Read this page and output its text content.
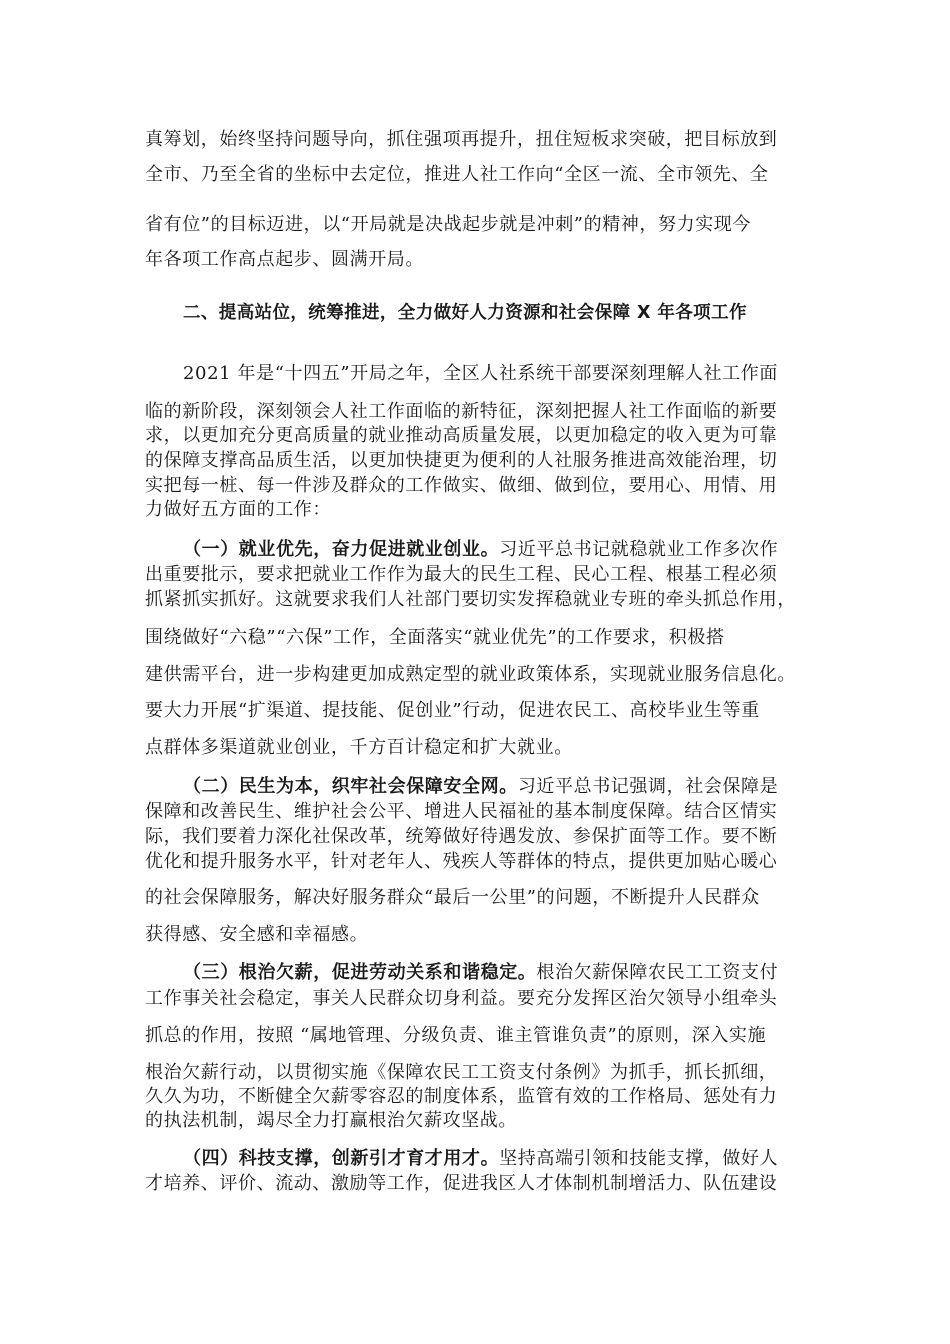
真筹划，始终坚持问题导向，抓住强项再提升，扭住短板求突破，把目标放到
全市、乃至全省的坐标中去定位，推进人社工作向“全区一流、全市领先、全
省有位”的目标迈进，以“开局就是决战起步就是冲刺”的精神，努力实现今
年各项工作高点起步、圆满开局。
二、提高站位，统筹推进，全力做好人力资源和社会保障 X 年各项工作
2021 年是“十四五”开局之年，全区人社系统干部要深刻理解人社工作面
临的新阶段，深刻领会人社工作面临的新特征，深刻把握人社工作面临的新要
求，以更加充分更高质量的就业推动高质量发展，以更加稳定的收入更为可靠
的保障支撑高品质生活，以更加快捷更为便利的人社服务推进高效能治理，切
实把每一桩、每一件涉及群众的工作做实、做细、做到位，要用心、用情、用
力做好五方面的工作：
（一）就业优先，奋力促进就业创业。习近平总书记就稳就业工作多次作
出重要批示，要求把就业工作作为最大的民生工程、民心工程、根基工程必须
抓紧抓实抓好。这就要求我们人社部门要切实发挥稳就业专班的牵头抓总作用，
围绕做好“六稳”“六保”工作，全面落实“就业优先”的工作要求，积极搭
建供需平台，进一步构建更加成熟定型的就业政策体系，实现就业服务信息化。
要大力开展“扩渠道、提技能、促创业”行动，促进农民工、高校毕业生等重
点群体多渠道就业创业，千方百计稳定和扩大就业。
（二）民生为本，织牢社会保障安全网。习近平总书记强调，社会保障是
保障和改善民生、维护社会公平、增进人民福祉的基本制度保障。结合区情实
际，我们要着力深化社保改革，统筹做好待遇发放、参保扩面等工作。要不断
优化和提升服务水平，针对老年人、残疾人等群体的特点，提供更加贴心暖心
的社会保障服务，解决好服务群众“最后一公里”的问题，不断提升人民群众
获得感、安全感和幸福感。
（三）根治欠薪，促进劳动关系和谐稳定。根治欠薪保障农民工工资支付
工作事关社会稳定，事关人民群众切身利益。要充分发挥区治欠领导小组牵头
抓总的作用，按照 “属地管理、分级负责、谁主管谁负责”的原则，深入实施
根治欠薪行动，以贯彻实施《保障农民工工资支付条例》为抓手，抓长抓细，
久久为功，不断健全欠薪零容忍的制度体系，监管有效的工作格局、惩处有力
的执法机制，竭尽全力打赢根治欠薪攻坚战。
（四）科技支撑，创新引才育才用才。坚持高端引领和技能支撑，做好人
才培养、评价、流动、激励等工作，促进我区人才体制机制增活力、队伍建设
